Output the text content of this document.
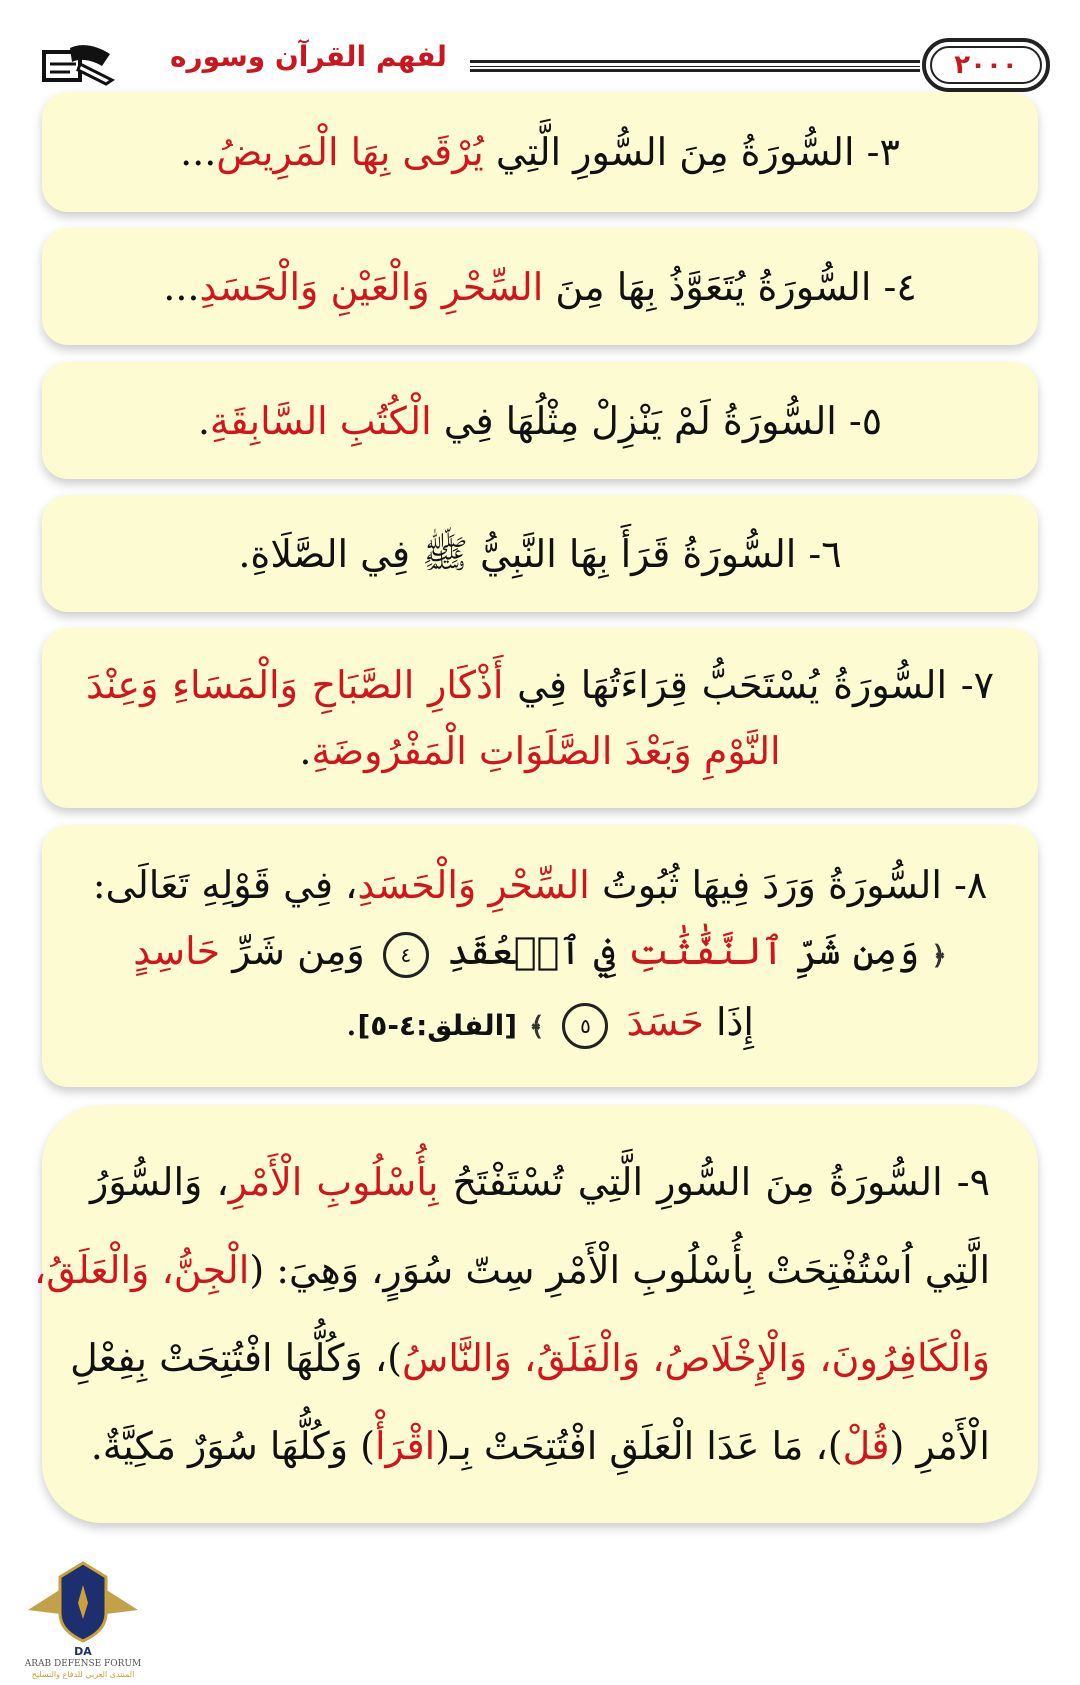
٢٠٠٠
لفهم القرآن وسوره
٣- السُّورَةُ مِنَ السُّورِ الَّتِي يُرْقَى بِهَا الْمَرِيضُ...
٤- السُّورَةُ يُتَعَوَّذُ بِهَا مِنَ السِّحْرِ وَالْعَيْنِ وَالْحَسَدِ...
٥- السُّورَةُ لَمْ يَنْزِلْ مِثْلُهَا فِي الْكُتُبِ السَّابِقَةِ.
٦- السُّورَةُ قَرَأَ بِهَا النَّبِيُّ ﷺ فِي الصَّلَاةِ.
٧- السُّورَةُ يُسْتَحَبُّ قِرَاءَتُهَا فِي أَذْكَارِ الصَّبَاحِ وَالْمَسَاءِ وَعِنْدَ
النَّوْمِ وَبَعْدَ الصَّلَوَاتِ الْمَفْرُوضَةِ.
٨- السُّورَةُ وَرَدَ فِيهَا ثُبُوتُ السِّحْرِ وَالْحَسَدِ، فِي قَوْلِهِ تَعَالَى:
﴿ وَمِن شَرِّ ٱلنَّفَّٰثَٰتِ فِي ٱلۡعُقَدِ ٤ وَمِن شَرِّ حَاسِدٍ
إِذَا حَسَدَ ٥ ﴾ [الفلق:٤-٥].
٩- السُّورَةُ مِنَ السُّورِ الَّتِي تُسْتَفْتَحُ بِأُسْلُوبِ الْأَمْرِ، وَالسُّوَرُ
الَّتِي اُسْتُفْتِحَتْ بِأُسْلُوبِ الْأَمْرِ سِتّ سُوَرٍ، وَهِيَ: (الْجِنُّ، وَالْعَلَقُ،
وَالْكَافِرُونَ، وَالْإِخْلَاصُ، وَالْفَلَقُ، وَالنَّاسُ)، وَكُلُّهَا افْتُتِحَتْ بِفِعْلِ
الْأَمْرِ (قُلْ)، مَا عَدَا الْعَلَقِ افْتُتِحَتْ بِـ(اقْرَأْ) وَكُلُّهَا سُوَرٌ مَكِيَّةٌ.
DA
ARAB DEFENSE FORUM
المنتدى العربي للدفاع والتسليح
